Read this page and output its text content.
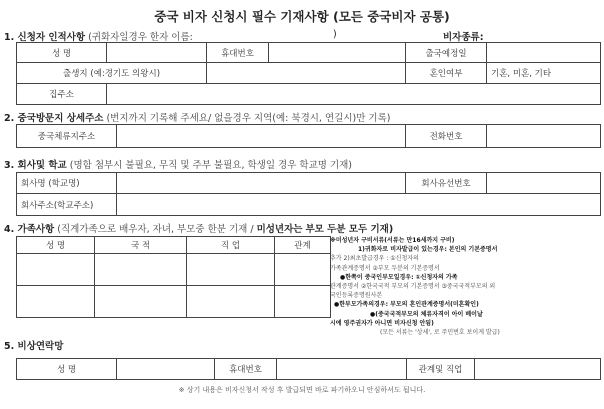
중국 비자 신청시 필수 기재사항 (모든 중국비자 공통)
1. 신청자 인적사항 (귀화자일경우 한자 이름:	)	비자종류:
성 명		휴대번호		출국예정일	
출생지 (예:경기도 의왕시)				혼인여부	기혼, 미혼, 기타
집주소					
2. 중국방문지 상세주소 (번지까지 기록해 주세요/ 없을경우 지역(예: 북경시, 연길시)만 기록)
중국체류지주소		전화번호	
3. 회사및 학교 (명함 첨부시 불필요, 무직 및 주부 불필요, 학생일 경우 학교명 기재)
회사명 (학교명)		회사유선번호	
회사주소(학교주소)			
4. 가족사항 (직계가족으로 배우자, 자녀, 부모중 한분 기재 / 미성년자는 부모 두분 모두 기재)
성 명	국 적	직 업	관계

※미성년자 구비서류(서류는 만16세까지 구비)
1)귀화자로 비자발급이 있는경우: 본인의 기본증명서
추가 2)최초발급경우 : ①신청자의
가족관계증명서 ②부모 두분의 기본증명서
●한쪽이 중국인부모일경우: ①신청자의 가족
관계증명서 ②한국국적 부모의 기본증명서 ③중국국적부모의 외
국인등록증명원사본
●한부모가족의경우: 부모의 혼인관계증명서(미혼확인)
●(중국국적부모의 체류자격이 아이 베이날
시에 영주권자가 아니면 비자신청 안됨)
(모든 서류는 '상세', 로 주민번호 보이게 발급)
5. 비상연락망
성 명		휴대번호		관계및 직업	
※ 상기 내용은 비자신청서 작성 후 발급되면 바로 파기하오니 안심하셔도 됩니다.
